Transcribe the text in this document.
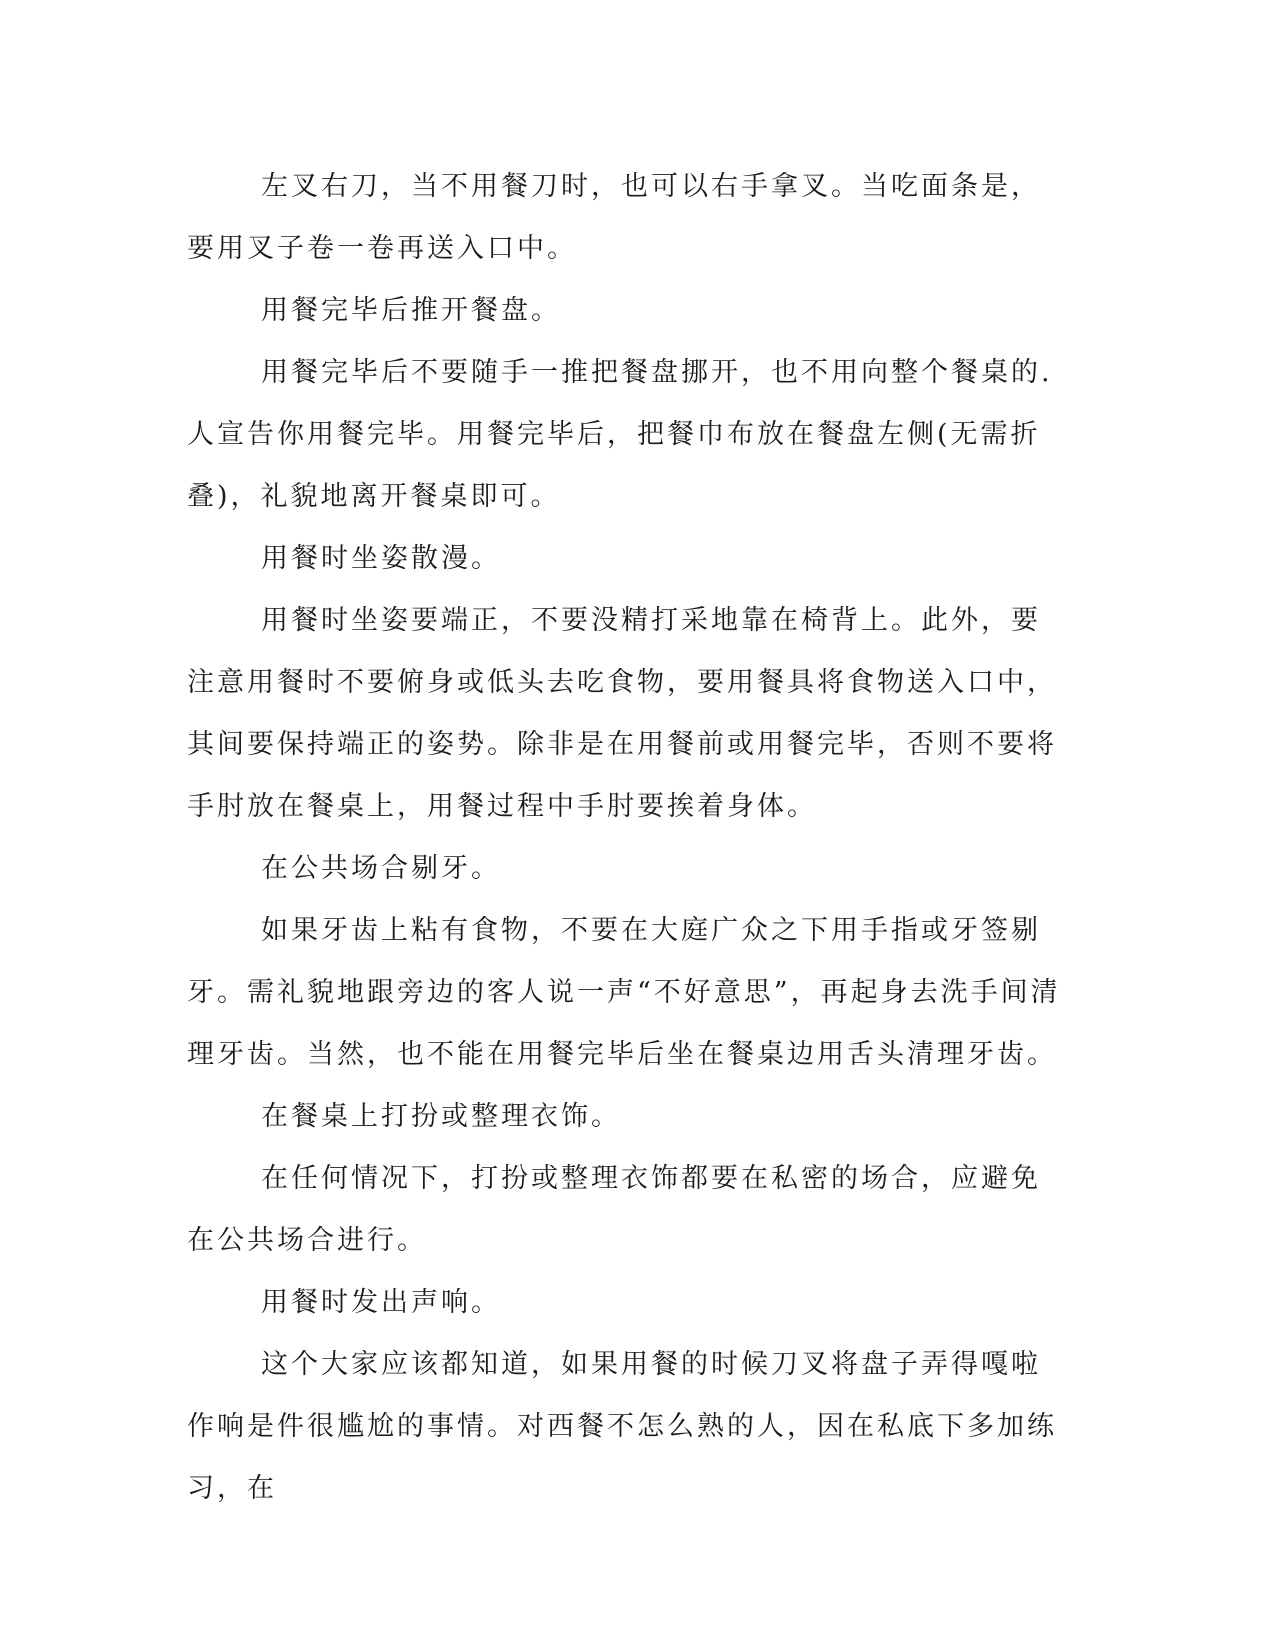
左叉右刀，当不用餐刀时，也可以右手拿叉。当吃面条是，要用叉子卷一卷再送入口中。

用餐完毕后推开餐盘。

用餐完毕后不要随手一推把餐盘挪开，也不用向整个餐桌的.人宣告你用餐完毕。用餐完毕后，把餐巾布放在餐盘左侧(无需折叠)，礼貌地离开餐桌即可。

用餐时坐姿散漫。

用餐时坐姿要端正，不要没精打采地靠在椅背上。此外，要注意用餐时不要俯身或低头去吃食物，要用餐具将食物送入口中，其间要保持端正的姿势。除非是在用餐前或用餐完毕，否则不要将手肘放在餐桌上，用餐过程中手肘要挨着身体。

在公共场合剔牙。

如果牙齿上粘有食物，不要在大庭广众之下用手指或牙签剔牙。需礼貌地跟旁边的客人说一声“不好意思”，再起身去洗手间清理牙齿。当然，也不能在用餐完毕后坐在餐桌边用舌头清理牙齿。

在餐桌上打扮或整理衣饰。

在任何情况下，打扮或整理衣饰都要在私密的场合，应避免在公共场合进行。

用餐时发出声响。

这个大家应该都知道，如果用餐的时候刀叉将盘子弄得嘎啦作响是件很尴尬的事情。对西餐不怎么熟的人，因在私底下多加练习，在
